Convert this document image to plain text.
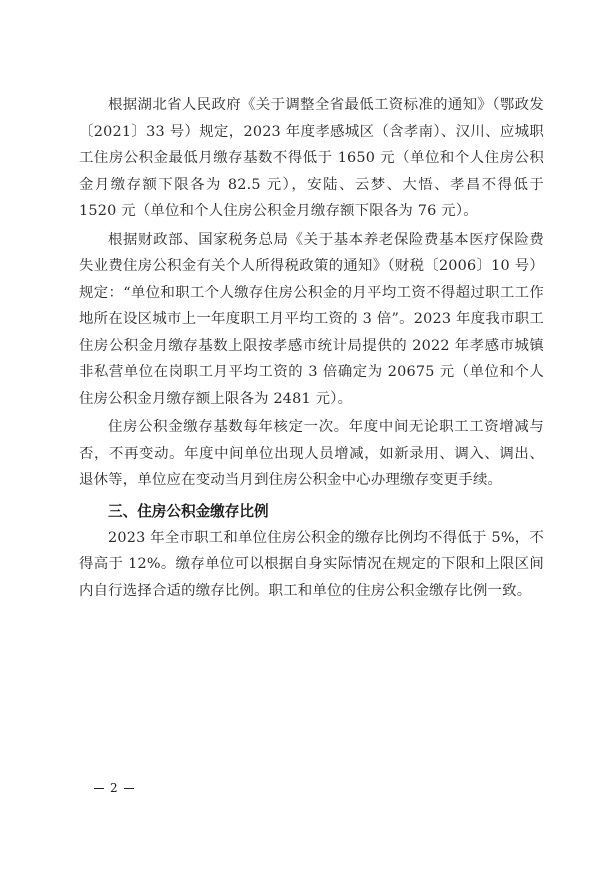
根据湖北省人民政府《关于调整全省最低工资标准的通知》（鄂政发〔2021〕33 号）规定，2023 年度孝感城区（含孝南）、汉川、应城职工住房公积金最低月缴存基数不得低于 1650 元（单位和个人住房公积金月缴存额下限各为 82.5 元），安陆、云梦、大悟、孝昌不得低于 1520 元（单位和个人住房公积金月缴存额下限各为 76 元）。

根据财政部、国家税务总局《关于基本养老保险费基本医疗保险费失业费住房公积金有关个人所得税政策的通知》（财税〔2006〕10 号）规定：“单位和职工个人缴存住房公积金的月平均工资不得超过职工工作地所在设区城市上一年度职工月平均工资的 3 倍”。2023 年度我市职工住房公积金月缴存基数上限按孝感市统计局提供的 2022 年孝感市城镇非私营单位在岗职工月平均工资的 3 倍确定为 20675 元（单位和个人住房公积金月缴存额上限各为 2481 元）。

住房公积金缴存基数每年核定一次。年度中间无论职工工资增减与否，不再变动。年度中间单位出现人员增减，如新录用、调入、调出、退休等，单位应在变动当月到住房公积金中心办理缴存变更手续。

三、住房公积金缴存比例

2023 年全市职工和单位住房公积金的缴存比例均不得低于 5%，不得高于 12%。缴存单位可以根据自身实际情况在规定的下限和上限区间内自行选择合适的缴存比例。职工和单位的住房公积金缴存比例一致。

2
